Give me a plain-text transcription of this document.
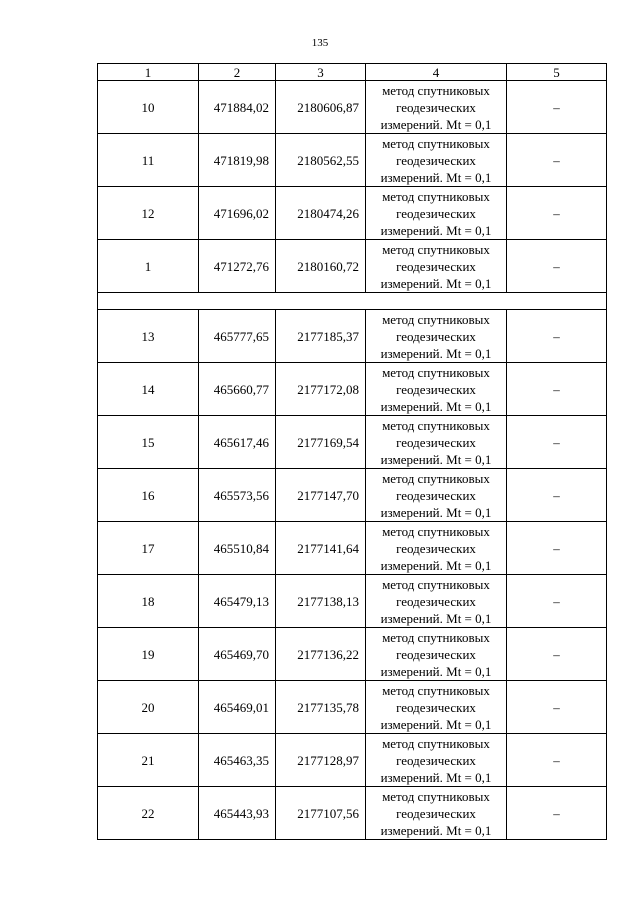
135
1	2	3	4	5
10	471884,02	2180606,87	метод спутниковых
геодезических
измерений. Mt = 0,1	–
11	471819,98	2180562,55	метод спутниковых
геодезических
измерений. Mt = 0,1	–
12	471696,02	2180474,26	метод спутниковых
геодезических
измерений. Mt = 0,1	–
1	471272,76	2180160,72	метод спутниковых
геодезических
измерений. Mt = 0,1	–

13	465777,65	2177185,37	метод спутниковых
геодезических
измерений. Mt = 0,1	–
14	465660,77	2177172,08	метод спутниковых
геодезических
измерений. Mt = 0,1	–
15	465617,46	2177169,54	метод спутниковых
геодезических
измерений. Mt = 0,1	–
16	465573,56	2177147,70	метод спутниковых
геодезических
измерений. Mt = 0,1	–
17	465510,84	2177141,64	метод спутниковых
геодезических
измерений. Mt = 0,1	–
18	465479,13	2177138,13	метод спутниковых
геодезических
измерений. Mt = 0,1	–
19	465469,70	2177136,22	метод спутниковых
геодезических
измерений. Mt = 0,1	–
20	465469,01	2177135,78	метод спутниковых
геодезических
измерений. Mt = 0,1	–
21	465463,35	2177128,97	метод спутниковых
геодезических
измерений. Mt = 0,1	–
22	465443,93	2177107,56	метод спутниковых
геодезических
измерений. Mt = 0,1	–
